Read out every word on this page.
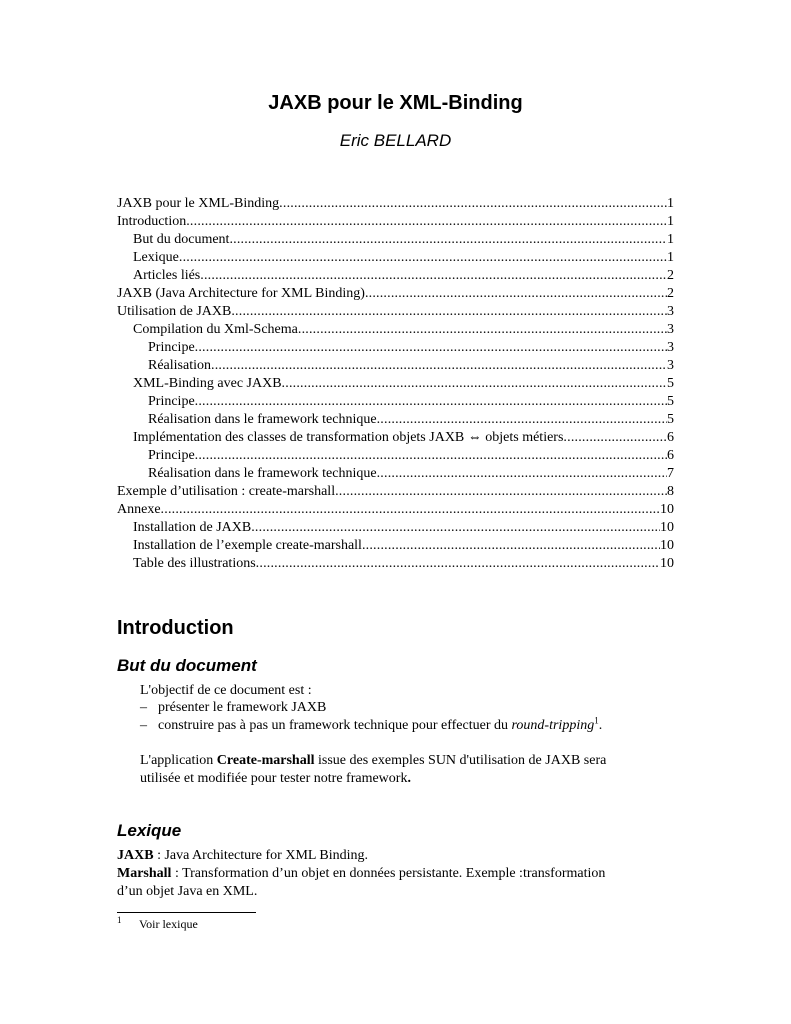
JAXB pour le XML-Binding
Eric BELLARD
JAXB pour le XML-Binding .....	1
Introduction .....	1
But du document .....	1
Lexique .....	1
Articles liés .....	2
JAXB (Java Architecture for XML Binding) .....	2
Utilisation de JAXB .....	3
Compilation du Xml-Schema .....	3
Principe .....	3
Réalisation .....	3
XML-Binding avec JAXB .....	5
Principe .....	5
Réalisation dans le framework technique .....	5
Implémentation des classes de transformation objets JAXB ⇔ objets métiers .....	6
Principe .....	6
Réalisation dans le framework technique .....	7
Exemple d’utilisation : create-marshall .....	8
Annexe .....	10
Installation de JAXB .....	10
Installation de l’exemple create-marshall .....	10
Table des illustrations .....	10
Introduction
But du document
L'objectif de ce document est :
– présenter le framework JAXB
– construire pas à pas un framework technique pour effectuer du round-tripping$^1$.
L'application Create-marshall issue des exemples SUN d'utilisation de JAXB sera
utilisée et modifiée pour tester notre framework.
Lexique
JAXB : Java Architecture for XML Binding.
Marshall : Transformation d’un objet en données persistante. Exemple :transformation
d’un objet Java en XML.
1 Voir lexique
